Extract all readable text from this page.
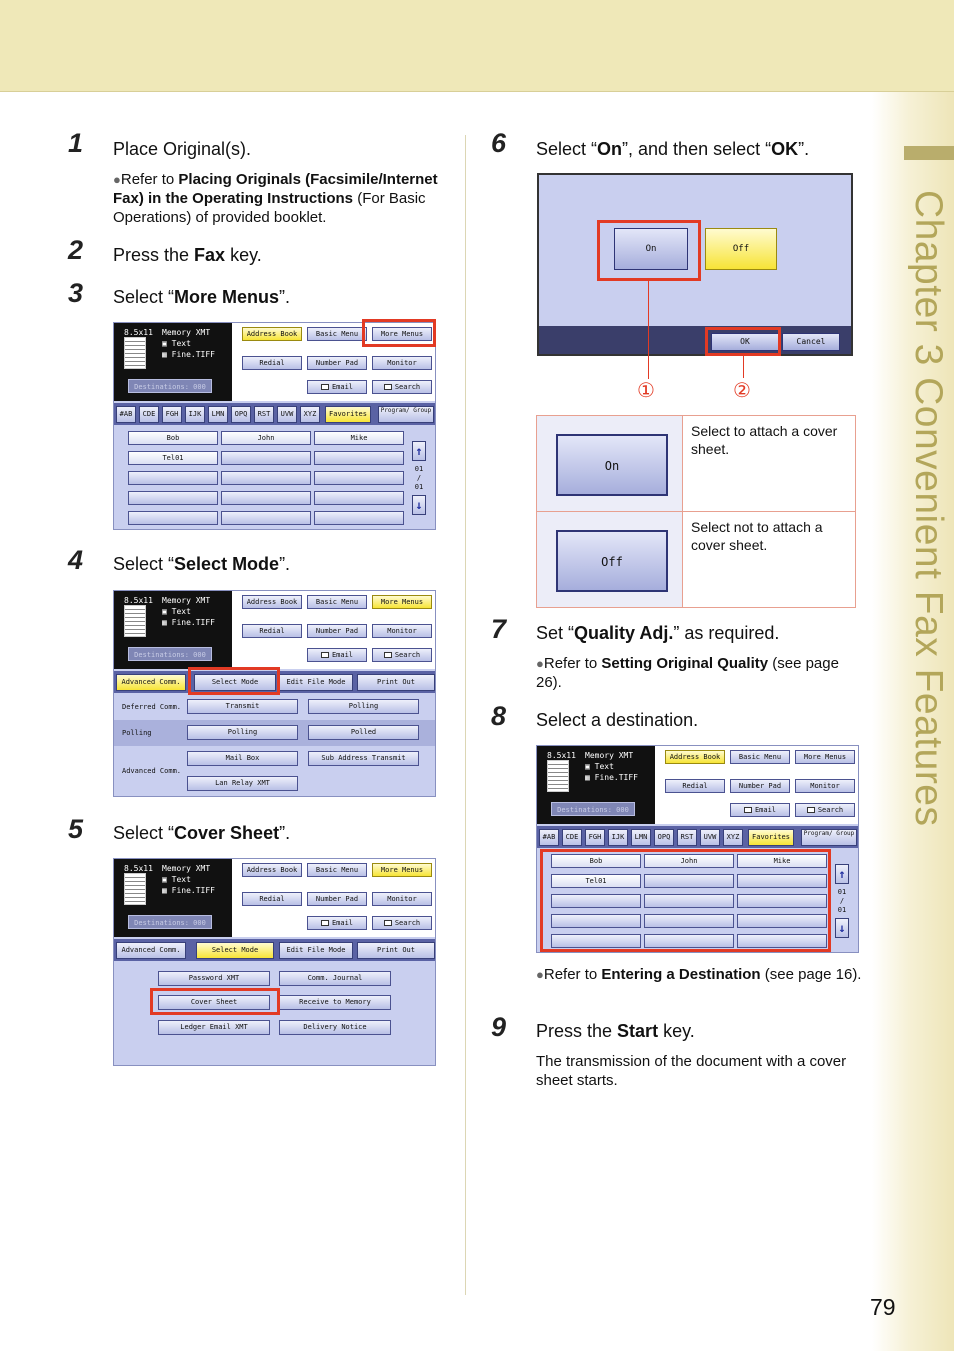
Chapter 3 Convenient Fax Features
1 Place Original(s).
●Refer to Placing Originals (Facsimile/Internet Fax) in the Operating Instructions (For Basic Operations) of provided booklet.
2 Press the Fax key.
3 Select “More Menus”.
8.5x11 Memory XMT
▣ Text
▦ Fine.TIFF
Destinations: 000
Address Book	Basic Menu	More Menus
Redial	Number Pad	Monitor
Email	Search
#AB	CDE	FGH	IJK	LMN	OPQ	RST	UVW	XYZ	Favorites	Program/ Group
Bob	John	Mike
Tel01	↑
01
/
01
↓
4 Select “Select Mode”.
8.5x11 Memory XMT
▣ Text
▦ Fine.TIFF
Destinations: 000
Address Book	Basic Menu	More Menus
Redial	Number Pad	Monitor
Email	Search
Advanced Comm.	Select Mode	Edit File Mode	Print Out
Deferred Comm.	Transmit	Polling
Polling	Polling	Polled
Advanced Comm.
Mail Box	Sub Address Transmit
Lan Relay XMT
5 Select “Cover Sheet”.
8.5x11 Memory XMT
▣ Text
▦ Fine.TIFF
Destinations: 000
Address Book	Basic Menu	More Menus
Redial	Number Pad	Monitor
Email	Search
Advanced Comm.	Select Mode	Edit File Mode	Print Out
Password XMT	Comm. Journal
Cover Sheet	Receive to Memory
Ledger Email XMT	Delivery Notice
6 Select “On”, and then select “OK”.
On	Off
OK	Cancel
①	②
On	Select to attach a cover sheet.

Off	Select not to attach a cover sheet.
7 Set “Quality Adj.” as required.
●Refer to Setting Original Quality (see page 26).
8 Select a destination.
8.5x11 Memory XMT
▣ Text
▦ Fine.TIFF
Destinations: 000
Address Book	Basic Menu	More Menus
Redial	Number Pad	Monitor
Email	Search
#AB	CDE	FGH	IJK	LMN	OPQ	RST	UVW	XYZ	Favorites	Program/ Group
Bob	John	Mike
Tel01	↑
01
/
01
↓
●Refer to Entering a Destination (see page 16).
9 Press the Start key.
The transmission of the document with a cover sheet starts.
79
